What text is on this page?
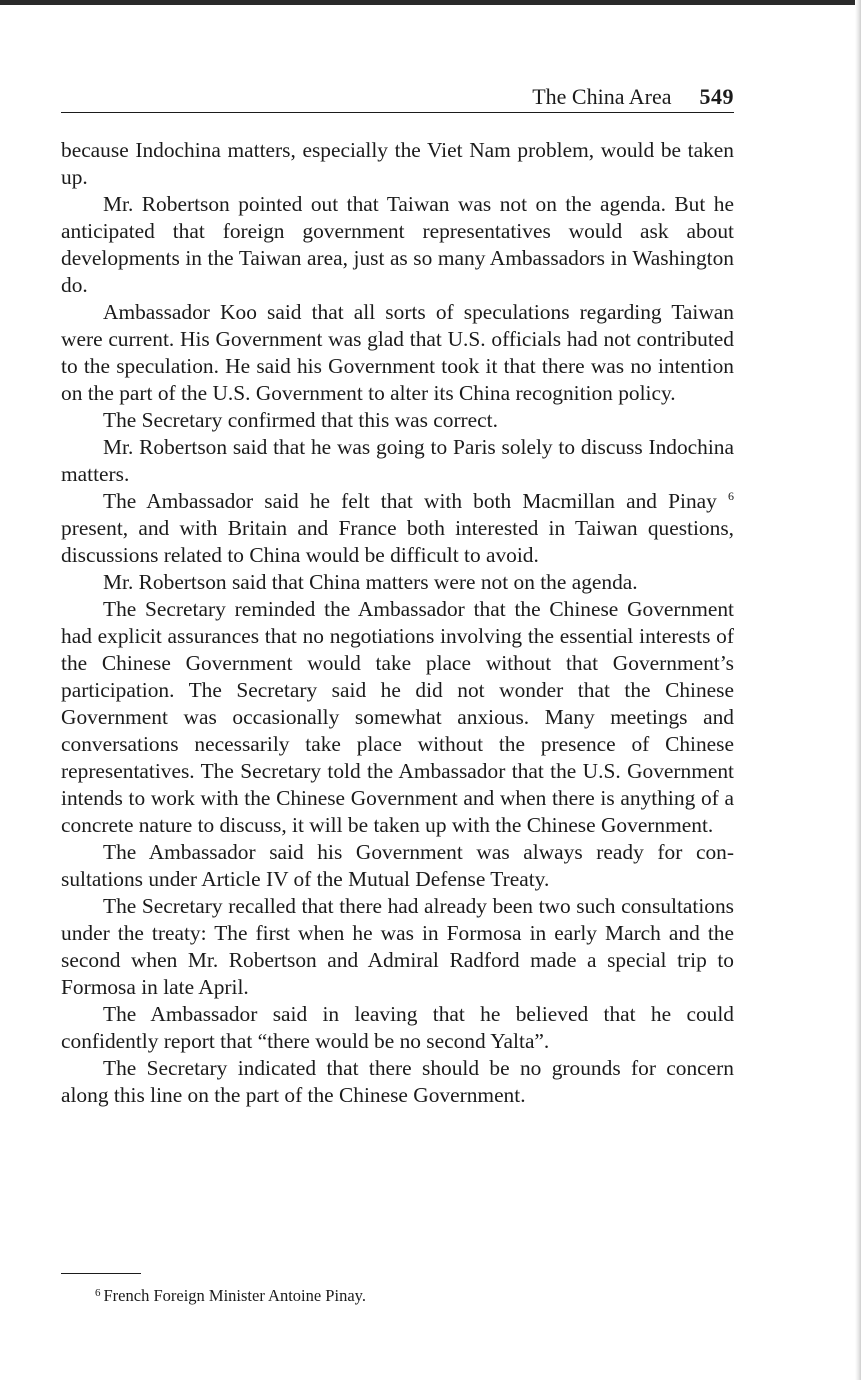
The China Area 549

because Indochina matters, especially the Viet Nam problem, would be taken up.

Mr. Robertson pointed out that Taiwan was not on the agenda. But he anticipated that foreign government representatives would ask about developments in the Taiwan area, just as so many Ambassadors in Washington do.

Ambassador Koo said that all sorts of speculations regarding Taiwan were current. His Government was glad that U.S. officials had not contributed to the speculation. He said his Government took it that there was no intention on the part of the U.S. Government to alter its China recognition policy.

The Secretary confirmed that this was correct.

Mr. Robertson said that he was going to Paris solely to discuss Indochina matters.

The Ambassador said he felt that with both Macmillan and Pinay $^6$ present, and with Britain and France both interested in Taiwan questions, discussions related to China would be difficult to avoid.

Mr. Robertson said that China matters were not on the agenda.

The Secretary reminded the Ambassador that the Chinese Government had explicit assurances that no negotiations involving the essential interests of the Chinese Government would take place without that Government’s participation. The Secretary said he did not wonder that the Chinese Government was occasionally somewhat anxious. Many meetings and conversations necessarily take place without the presence of Chinese representatives. The Secretary told the Ambassador that the U.S. Government intends to work with the Chinese Government and when there is anything of a concrete nature to discuss, it will be taken up with the Chinese Government.

The Ambassador said his Government was always ready for consultations under Article IV of the Mutual Defense Treaty.

The Secretary recalled that there had already been two such consultations under the treaty: The first when he was in Formosa in early March and the second when Mr. Robertson and Admiral Radford made a special trip to Formosa in late April.

The Ambassador said in leaving that he believed that he could confidently report that “there would be no second Yalta”.

The Secretary indicated that there should be no grounds for concern along this line on the part of the Chinese Government.

$^6$ French Foreign Minister Antoine Pinay.
